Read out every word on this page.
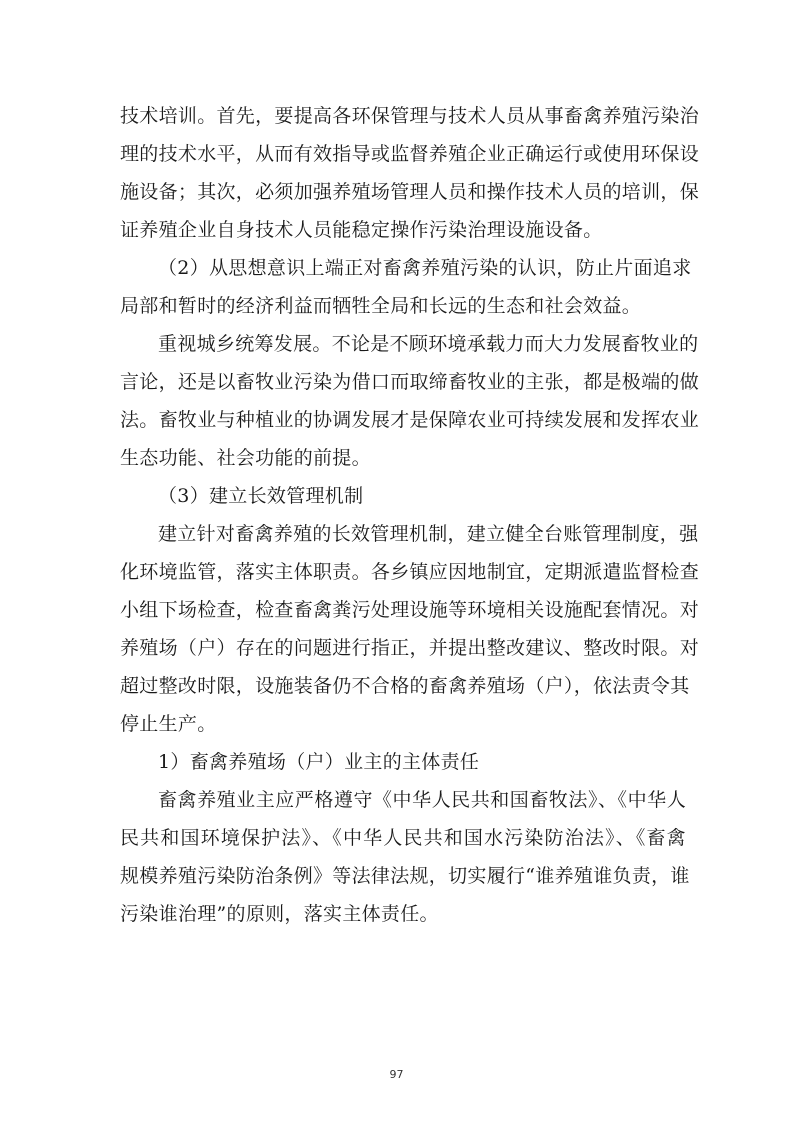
技术培训。首先，要提高各环保管理与技术人员从事畜禽养殖污染治
理的技术水平，从而有效指导或监督养殖企业正确运行或使用环保设
施设备；其次，必须加强养殖场管理人员和操作技术人员的培训，保
证养殖企业自身技术人员能稳定操作污染治理设施设备。
（2）从思想意识上端正对畜禽养殖污染的认识，防止片面追求
局部和暂时的经济利益而牺牲全局和长远的生态和社会效益。
重视城乡统筹发展。不论是不顾环境承载力而大力发展畜牧业的
言论，还是以畜牧业污染为借口而取缔畜牧业的主张，都是极端的做
法。畜牧业与种植业的协调发展才是保障农业可持续发展和发挥农业
生态功能、社会功能的前提。
（3）建立长效管理机制
建立针对畜禽养殖的长效管理机制，建立健全台账管理制度，强
化环境监管，落实主体职责。各乡镇应因地制宜，定期派遣监督检查
小组下场检查，检查畜禽粪污处理设施等环境相关设施配套情况。对
养殖场（户）存在的问题进行指正，并提出整改建议、整改时限。对
超过整改时限，设施装备仍不合格的畜禽养殖场（户），依法责令其
停止生产。
1）畜禽养殖场（户）业主的主体责任
畜禽养殖业主应严格遵守《中华人民共和国畜牧法》、《中华人
民共和国环境保护法》、《中华人民共和国水污染防治法》、《畜禽
规模养殖污染防治条例》等法律法规，切实履行“谁养殖谁负责，谁
污染谁治理”的原则，落实主体责任。
97
